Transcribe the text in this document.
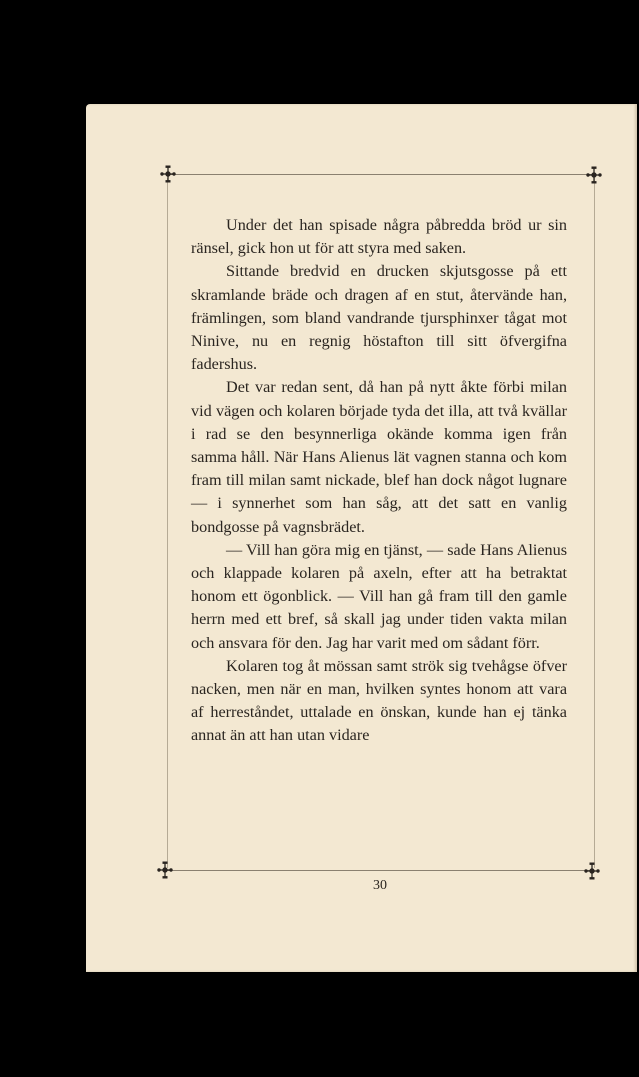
Under det han spisade några påbredda bröd ur sin ränsel, gick hon ut för att styra med saken.

Sittande bredvid en drucken skjutsgosse på ett skramlande bräde och dragen af en stut, återvände han, främlingen, som bland vandrande tjursphinxer tågat mot Ninive, nu en regnig höstafton till sitt öfvergifna fadershus.

Det var redan sent, då han på nytt åkte förbi milan vid vägen och kolaren började tyda det illa, att två kvällar i rad se den besynnerliga okände komma igen från samma håll. När Hans Alienus lät vagnen stanna och kom fram till milan samt nickade, blef han dock något lugnare — i synnerhet som han såg, att det satt en vanlig bondgosse på vagnsbrädet.

— Vill han göra mig en tjänst, — sade Hans Alienus och klappade kolaren på axeln, efter att ha betraktat honom ett ögonblick. — Vill han gå fram till den gamle herrn med ett bref, så skall jag under tiden vakta milan och ansvara för den. Jag har varit med om sådant förr.

Kolaren tog åt mössan samt strök sig tvehågse öfver nacken, men när en man, hvilken syntes honom att vara af herreståndet, uttalade en önskan, kunde han ej tänka annat än att han utan vidare

30
